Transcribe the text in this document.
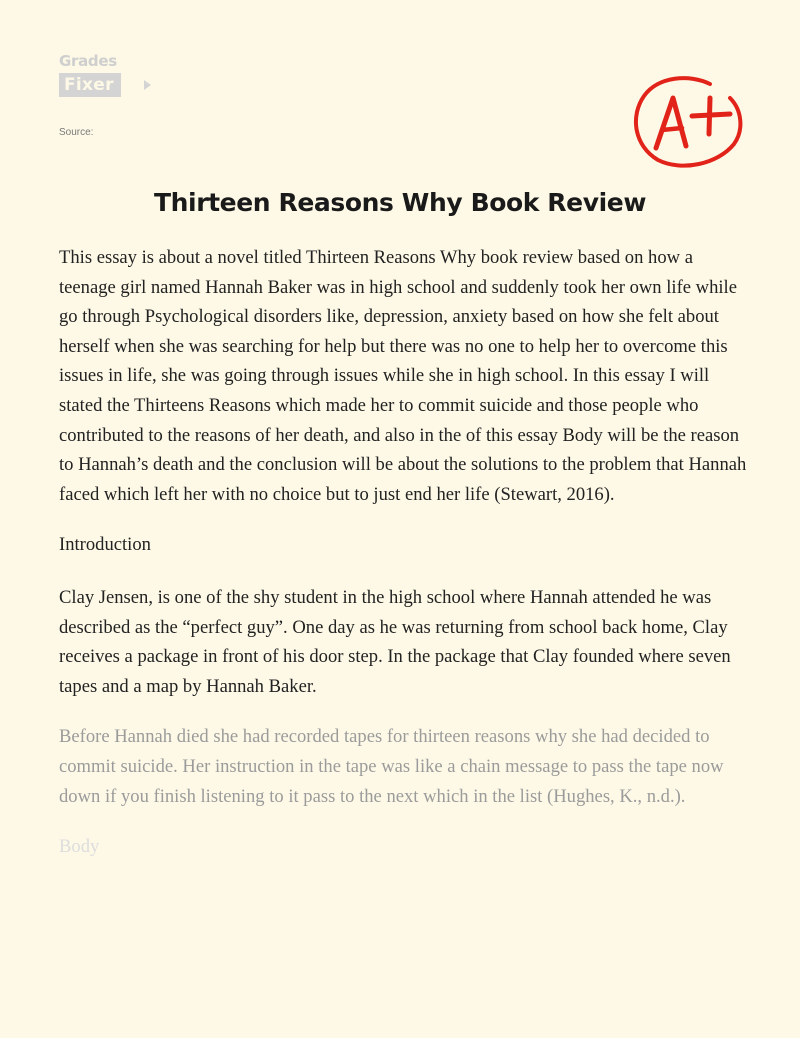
Grades
Fixer
Source:
Thirteen Reasons Why Book Review

This essay is about a novel titled Thirteen Reasons Why book review based on how a teenage girl named Hannah Baker was in high school and suddenly took her own life while go through Psychological disorders like, depression, anxiety based on how she felt about herself when she was searching for help but there was no one to help her to overcome this issues in life, she was going through issues while she in high school. In this essay I will stated the Thirteens Reasons which made her to commit suicide and those people who contributed to the reasons of her death, and also in the of this essay Body will be the reason to Hannah’s death and the conclusion will be about the solutions to the problem that Hannah faced which left her with no choice but to just end her life (Stewart, 2016).

Introduction

Clay Jensen, is one of the shy student in the high school where Hannah attended he was described as the “perfect guy”. One day as he was returning from school back home, Clay receives a package in front of his door step. In the package that Clay founded where seven tapes and a map by Hannah Baker.

Before Hannah died she had recorded tapes for thirteen reasons why she had decided to commit suicide. Her instruction in the tape was like a chain message to pass the tape now down if you finish listening to it pass to the next which in the list (Hughes, K., n.d.).

Body
